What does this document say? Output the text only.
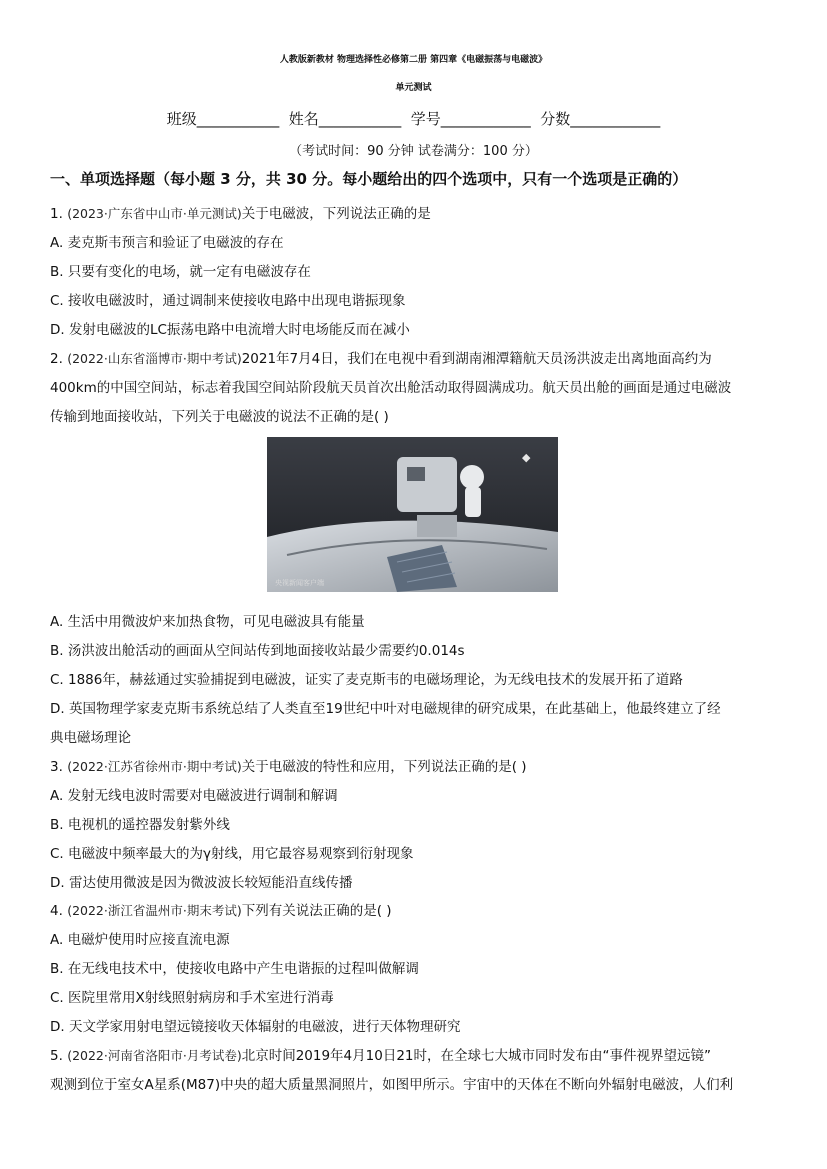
人教版新教材 物理选择性必修第二册 第四章《电磁振荡与电磁波》
单元测试
班级___________  姓名___________  学号____________  分数____________
（考试时间：90 分钟 试卷满分：100 分）
一、单项选择题（每小题 3 分，共 30 分。每小题给出的四个选项中，只有一个选项是正确的）
1. (2023·广东省中山市·单元测试)关于电磁波，下列说法正确的是
A. 麦克斯韦预言和验证了电磁波的存在
B. 只要有变化的电场，就一定有电磁波存在
C. 接收电磁波时，通过调制来使接收电路中出现电谐振现象
D. 发射电磁波的LC振荡电路中电流增大时电场能反而在减小
2. (2022·山东省淄博市·期中考试)2021年7月4日，我们在电视中看到湖南湘潭籍航天员汤洪波走出离地面高约为
400km的中国空间站，标志着我国空间站阶段航天员首次出舱活动取得圆满成功。航天员出舱的画面是通过电磁波
传输到地面接收站，下列关于电磁波的说法不正确的是( )
◆
央视新闻客户端
A. 生活中用微波炉来加热食物，可见电磁波具有能量
B. 汤洪波出舱活动的画面从空间站传到地面接收站最少需要约0.014s
C. 1886年，赫兹通过实验捕捉到电磁波，证实了麦克斯韦的电磁场理论，为无线电技术的发展开拓了道路
D. 英国物理学家麦克斯韦系统总结了人类直至19世纪中叶对电磁规律的研究成果，在此基础上，他最终建立了经
典电磁场理论
3. (2022·江苏省徐州市·期中考试)关于电磁波的特性和应用，下列说法正确的是( )
A. 发射无线电波时需要对电磁波进行调制和解调
B. 电视机的遥控器发射紫外线
C. 电磁波中频率最大的为γ射线，用它最容易观察到衍射现象
D. 雷达使用微波是因为微波波长较短能沿直线传播
4. (2022·浙江省温州市·期末考试)下列有关说法正确的是( )
A. 电磁炉使用时应接直流电源
B. 在无线电技术中，使接收电路中产生电谐振的过程叫做解调
C. 医院里常用X射线照射病房和手术室进行消毒
D. 天文学家用射电望远镜接收天体辐射的电磁波，进行天体物理研究
5. (2022·河南省洛阳市·月考试卷)北京时间2019年4月10日21时，在全球七大城市同时发布由“事件视界望远镜”
观测到位于室女A星系(M87)中央的超大质量黑洞照片，如图甲所示。宇宙中的天体在不断向外辐射电磁波，人们利
